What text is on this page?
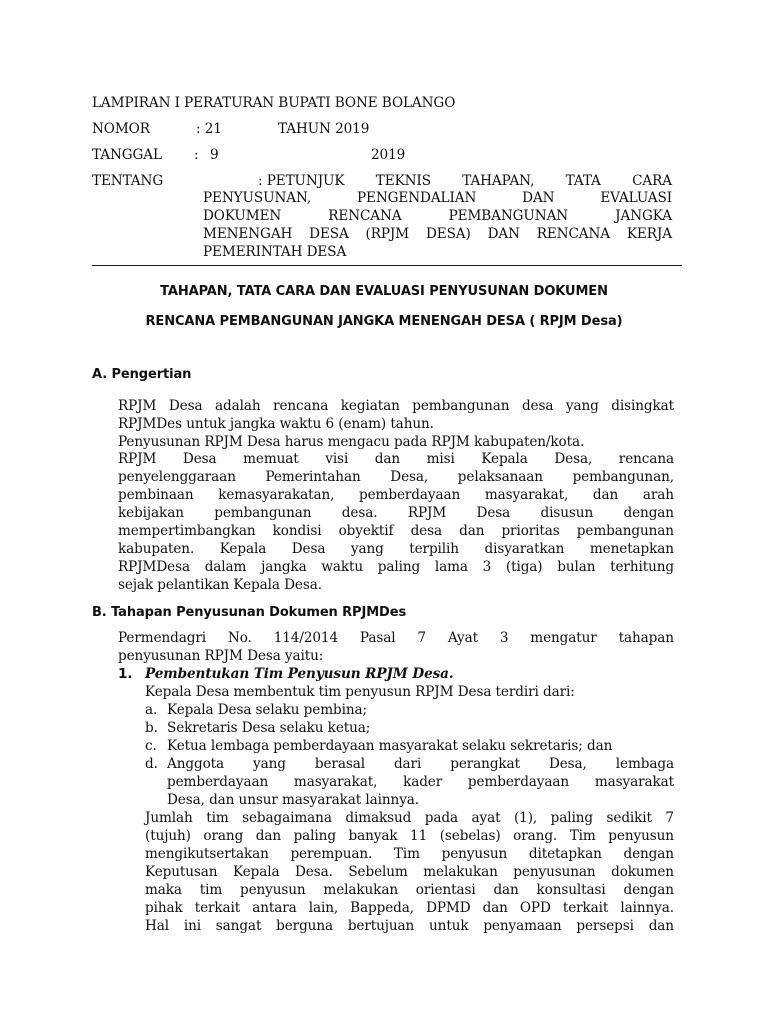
LAMPIRAN I PERATURAN BUPATI BONE BOLANGO

NOMOR	: 21	TAHUN 2019

TANGGAL : 9	2019

TENTANG	: PETUNJUK TEKNIS TAHAPAN, TATA CARA
PENYUSUNAN,	PENGENDALIAN	DAN	EVALUASI
DOKUMEN	RENCANA	PEMBANGUNAN	JANGKA
MENENGAH DESA (RPJM DESA) DAN RENCANA KERJA

PEMERINTAH DESA

TAHAPAN, TATA CARA DAN EVALUASI PENYUSUNAN DOKUMEN

RENCANA PEMBANGUNAN JANGKA MENENGAH DESA ( RPJM Desa)

A. Pengertian

RPJM Desa adalah rencana kegiatan pembangunan desa yang disingkat

RPJMDes untuk jangka waktu 6 (enam) tahun.

Penyusunan RPJM Desa harus mengacu pada RPJM kabupaten/kota.

RPJM Desa memuat visi dan misi Kepala Desa, rencana
penyelenggaraan Pemerintahan Desa, pelaksanaan pembangunan,
pembinaan kemasyarakatan, pemberdayaan masyarakat, dan arah
kebijakan pembangunan desa. RPJM Desa disusun dengan
mempertimbangkan kondisi obyektif desa dan prioritas pembangunan
kabupaten. Kepala Desa yang terpilih disyaratkan menetapkan
RPJMDesa dalam jangka waktu paling lama 3 (tiga) bulan terhitung

sejak pelantikan Kepala Desa.

B. Tahapan Penyusunan Dokumen RPJMDes

Permendagri No. 114/2014 Pasal 7 Ayat 3 mengatur tahapan

penyusunan RPJM Desa yaitu:

1. Pembentukan Tim Penyusun RPJM Desa.

Kepala Desa membentuk tim penyusun RPJM Desa terdiri dari:

a. Kepala Desa selaku pembina;

b. Sekretaris Desa selaku ketua;

c. Ketua lembaga pemberdayaan masyarakat selaku sekretaris; dan

d. Anggota yang berasal dari perangkat Desa, lembaga
pemberdayaan masyarakat, kader pemberdayaan masyarakat

Desa, dan unsur masyarakat lainnya.

Jumlah tim sebagaimana dimaksud pada ayat (1), paling sedikit 7
(tujuh) orang dan paling banyak 11 (sebelas) orang. Tim penyusun
mengikutsertakan perempuan. Tim penyusun ditetapkan dengan
Keputusan Kepala Desa. Sebelum melakukan penyusunan dokumen
maka tim penyusun melakukan orientasi dan konsultasi dengan
pihak terkait antara lain, Bappeda, DPMD dan OPD terkait lainnya.
Hal ini sangat berguna bertujuan untuk penyamaan persepsi dan
